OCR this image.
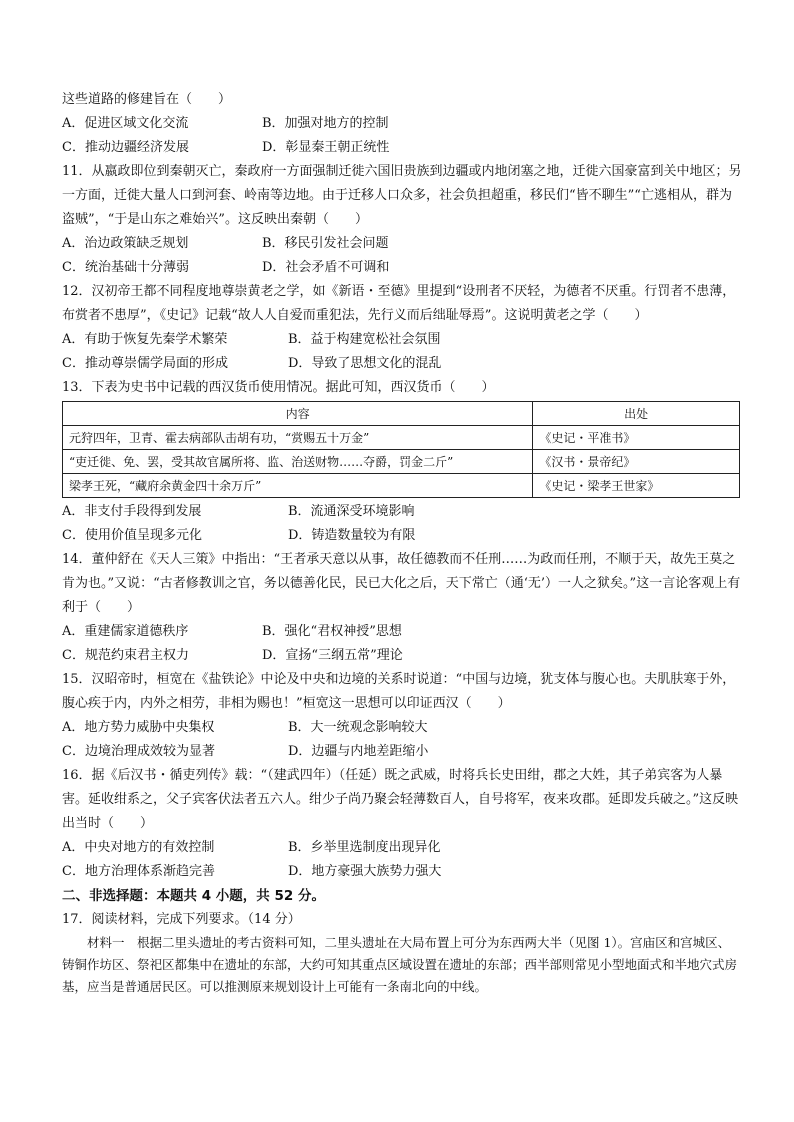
这些道路的修建旨在（　　）
A．促进区域文化交流	B．加强对地方的控制
C．推动边疆经济发展	D．彰显秦王朝正统性
11．从嬴政即位到秦朝灭亡，秦政府一方面强制迁徙六国旧贵族到边疆或内地闭塞之地，迁徙六国豪富到关中地区；另一方面，迁徙大量人口到河套、岭南等边地。由于迁移人口众多，社会负担超重，移民们“皆不聊生”“亡逃相从，群为盗贼”，“于是山东之难始兴”。这反映出秦朝（　　）
A．治边政策缺乏规划	B．移民引发社会问题
C．统治基础十分薄弱	D．社会矛盾不可调和
12．汉初帝王都不同程度地尊崇黄老之学，如《新语・至德》里提到“设刑者不厌轻，为德者不厌重。行罚者不患薄，布赏者不患厚”，《史记》记载“故人人自爱而重犯法，先行义而后绌耻辱焉”。这说明黄老之学（　　）
A．有助于恢复先秦学术繁荣	B．益于构建宽松社会氛围
C．推动尊崇儒学局面的形成	D．导致了思想文化的混乱
13．下表为史书中记载的西汉货币使用情况。据此可知，西汉货币（　　）
内容	出处
元狩四年，卫青、霍去病部队击胡有功，“赏赐五十万金”	《史记・平准书》
“吏迁徙、免、罢，受其故官属所将、监、治送财物……夺爵，罚金二斤”	《汉书・景帝纪》
梁孝王死，“藏府余黄金四十余万斤”	《史记・梁孝王世家》
A．非支付手段得到发展	B．流通深受环境影响
C．使用价值呈现多元化	D．铸造数量较为有限
14．董仲舒在《天人三策》中指出：“王者承天意以从事，故任德教而不任刑……为政而任刑，不顺于天，故先王莫之肯为也。”又说：“古者修教训之官，务以德善化民，民已大化之后，天下常亡（通‘无’）一人之狱矣。”这一言论客观上有利于（　　）
A．重建儒家道德秩序	B．强化“君权神授”思想
C．规范约束君主权力	D．宣扬“三纲五常”理论
15．汉昭帝时，桓宽在《盐铁论》中论及中央和边境的关系时说道：“中国与边境，犹支体与腹心也。夫肌肤寒于外，腹心疾于内，内外之相劳，非相为赐也！”桓宽这一思想可以印证西汉（　　）
A．地方势力威胁中央集权	B．大一统观念影响较大
C．边境治理成效较为显著	D．边疆与内地差距缩小
16．据《后汉书・循吏列传》载：“（建武四年）（任延）既之武威，时将兵长史田绀，郡之大姓，其子弟宾客为人暴害。延收绀系之，父子宾客伏法者五六人。绀少子尚乃聚会轻薄数百人，自号将军，夜来攻郡。延即发兵破之。”这反映出当时（　　）
A．中央对地方的有效控制	B．乡举里选制度出现异化
C．地方治理体系渐趋完善	D．地方豪强大族势力强大
二、非选择题：本题共 4 小题，共 52 分。
17．阅读材料，完成下列要求。（14 分）
材料一　根据二里头遗址的考古资料可知，二里头遗址在大局布置上可分为东西两大半（见图 1）。宫庙区和宫城区、铸铜作坊区、祭祀区都集中在遗址的东部，大约可知其重点区域设置在遗址的东部；西半部则常见小型地面式和半地穴式房基，应当是普通居民区。可以推测原来规划设计上可能有一条南北向的中线。
